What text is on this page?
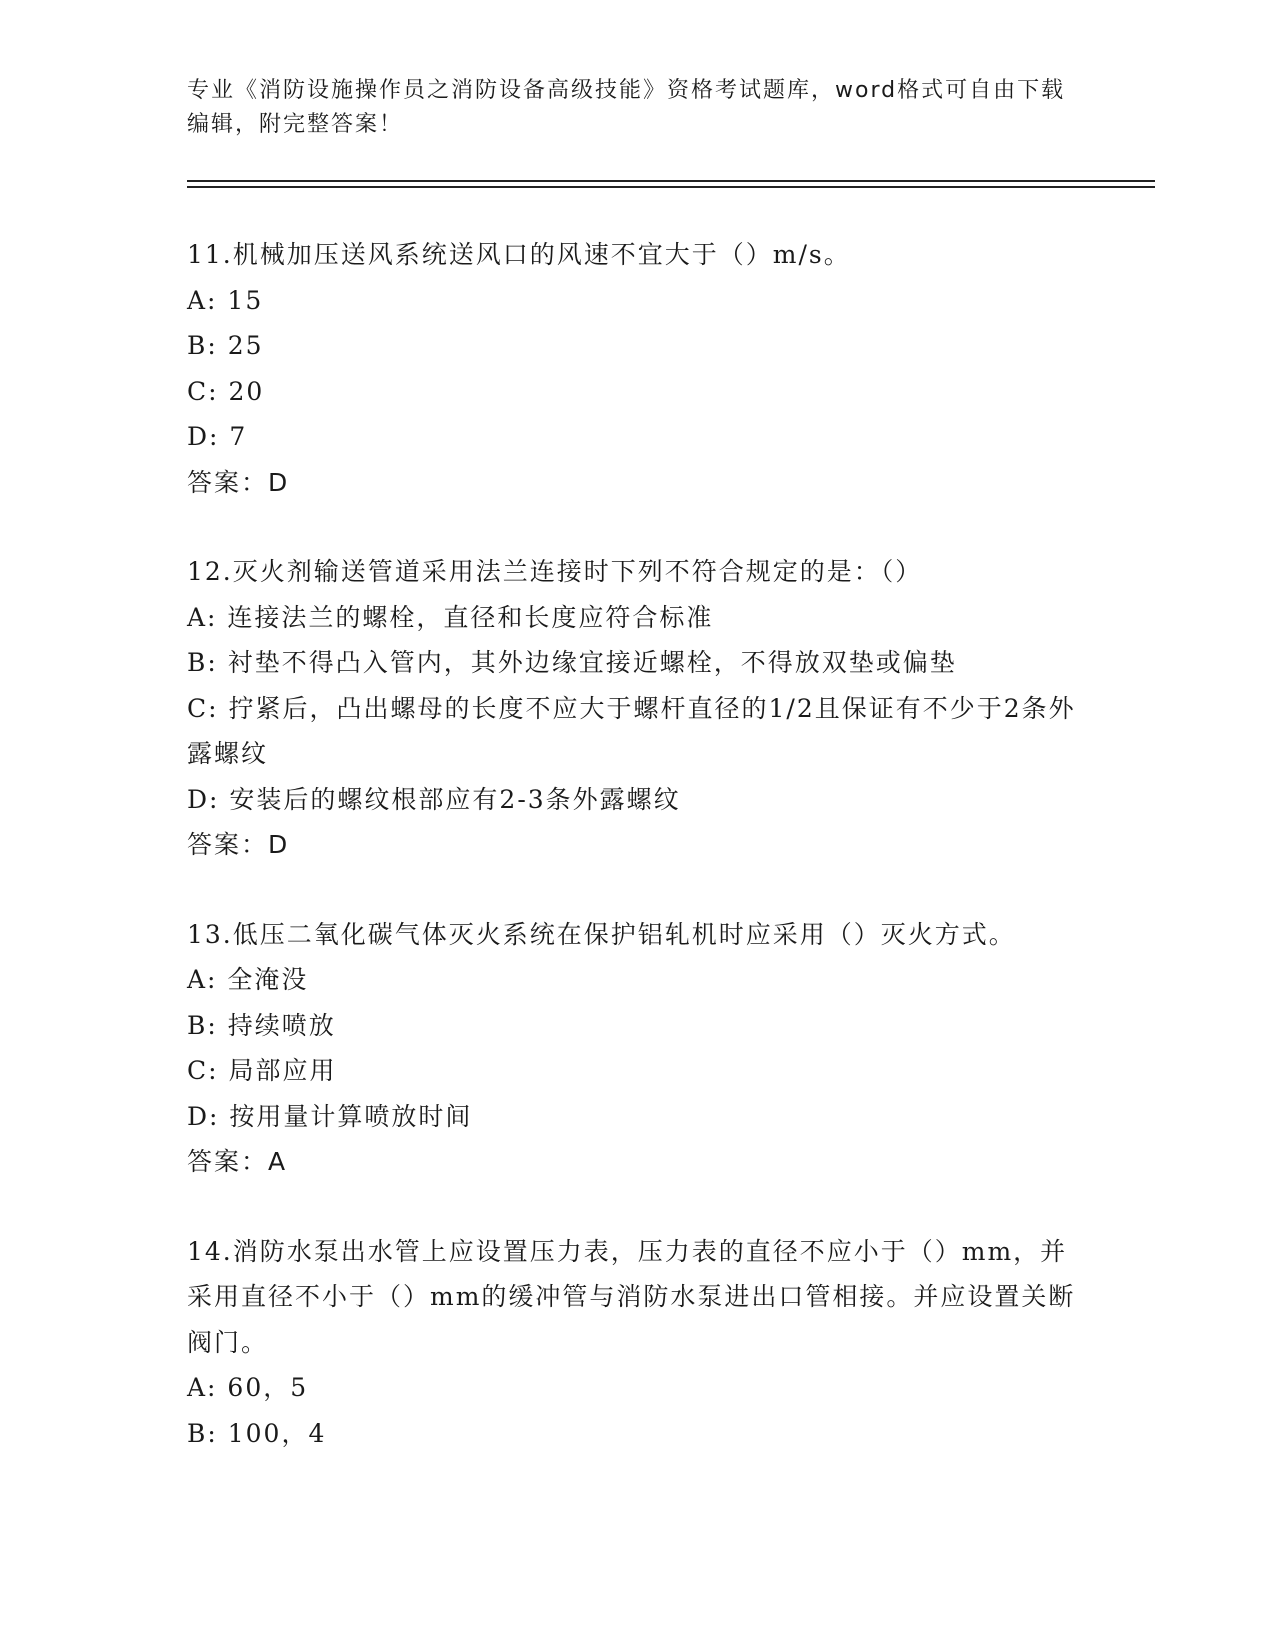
专业《消防设施操作员之消防设备高级技能》资格考试题库，word格式可自由下载编辑，附完整答案！
11.机械加压送风系统送风口的风速不宜大于（）m/s。
A: 15
B: 25
C: 20
D: 7
答案：D
12.灭火剂输送管道采用法兰连接时下列不符合规定的是：（）
A: 连接法兰的螺栓，直径和长度应符合标准
B: 衬垫不得凸入管内，其外边缘宜接近螺栓，不得放双垫或偏垫
C: 拧紧后，凸出螺母的长度不应大于螺杆直径的1/2且保证有不少于2条外露螺纹
D: 安装后的螺纹根部应有2-3条外露螺纹
答案：D
13.低压二氧化碳气体灭火系统在保护铝轧机时应采用（）灭火方式。
A: 全淹没
B: 持续喷放
C: 局部应用
D: 按用量计算喷放时间
答案：A
14.消防水泵出水管上应设置压力表，压力表的直径不应小于（）mm，并采用直径不小于（）mm的缓冲管与消防水泵进出口管相接。并应设置关断阀门。
A: 60，5
B: 100，4
